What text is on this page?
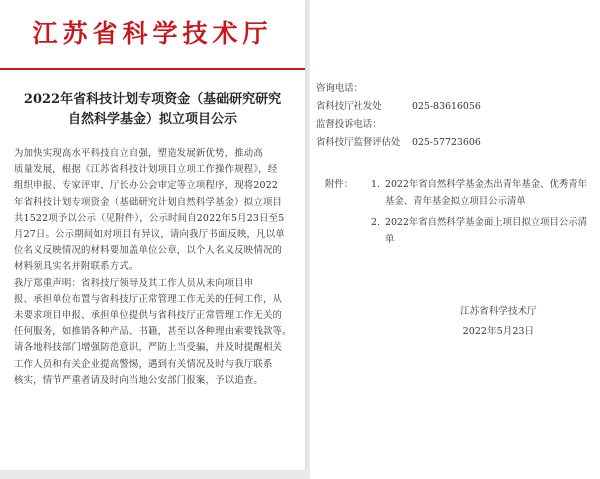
江苏省科学技术厅
2022年省科技计划专项资金（基础研究研究
自然科学基金）拟立项目公示
为加快实现高水平科技自立自强，塑造发展新优势，推动高
质量发展，根据《江苏省科技计划项目立项工作操作规程》，经
组织申报、专家评审、厅长办公会审定等立项程序，现将2022
年省科技计划专项资金（基础研究计划自然科学基金）拟立项目
共1522项予以公示（见附件），公示时间自2022年5月23日至5
月27日。公示期间如对项目有异议，请向我厅书面反映，凡以单
位名义反映情况的材料要加盖单位公章，以个人名义反映情况的
材料须具实名并附联系方式。
我厅郑重声明：省科技厅领导及其工作人员从未向项目申
报、承担单位布置与省科技厅正常管理工作无关的任何工作，从
未要求项目申报、承担单位提供与省科技厅正常管理工作无关的
任何服务，如推销各种产品、书籍，甚至以各种理由索要钱款等。
请各地科技部门增强防范意识，严防上当受骗，并及时提醒相关
工作人员和有关企业提高警惕，遇到有关情况及时与我厅联系
核实，情节严重者请及时向当地公安部门报案，予以追查。
咨询电话：
省科技厅社发处	025-83616056
监督投诉电话：
省科技厅监督评估处	025-57723606
附件：	1. 2022年省自然科学基金杰出青年基金、优秀青年基金、青年基金拟立项目公示清单
2. 2022年省自然科学基金面上项目拟立项目公示清单
江苏省科学技术厅
2022年5月23日
